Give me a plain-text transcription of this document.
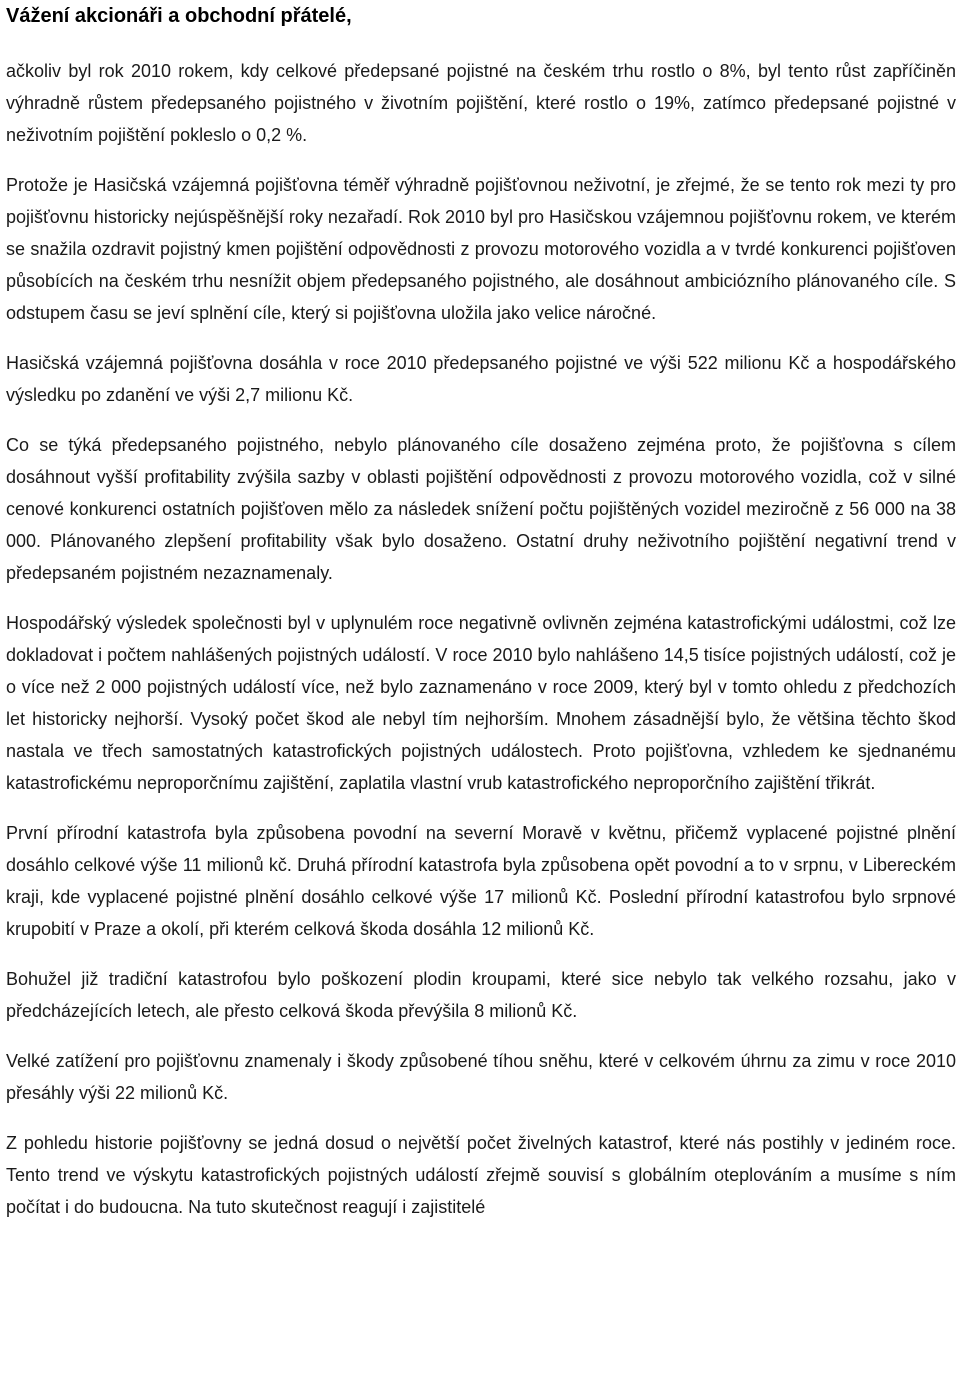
Vážení akcionáři a obchodní přátelé,

ačkoliv byl rok 2010 rokem, kdy celkové předepsané pojistné na českém trhu rostlo o 8%, byl tento růst zapříčiněn výhradně růstem předepsaného pojistného v životním pojištění, které rostlo o 19%, zatímco předepsané pojistné v neživotním pojištění pokleslo o 0,2 %.

Protože je Hasičská vzájemná pojišťovna téměř výhradně pojišťovnou neživotní, je zřejmé, že se tento rok mezi ty pro pojišťovnu historicky nejúspěšnější roky nezařadí. Rok 2010 byl pro Hasičskou vzájemnou pojišťovnu rokem, ve kterém se snažila ozdravit pojistný kmen pojištění odpovědnosti z provozu motorového vozidla a v tvrdé konkurenci pojišťoven působících na českém trhu nesnížit objem předepsaného pojistného, ale dosáhnout ambiciózního plánovaného cíle. S odstupem času se jeví splnění cíle, který si pojišťovna uložila jako velice náročné.

Hasičská vzájemná pojišťovna dosáhla v roce 2010 předepsaného pojistné ve výši 522 milionu Kč a hospodářského výsledku po zdanění ve výši 2,7 milionu Kč.

Co se týká předepsaného pojistného, nebylo plánovaného cíle dosaženo zejména proto, že pojišťovna s cílem dosáhnout vyšší profitability zvýšila sazby v oblasti pojištění odpovědnosti z provozu motorového vozidla, což v silné cenové konkurenci ostatních pojišťoven mělo za následek snížení počtu pojištěných vozidel meziročně z 56 000 na 38 000. Plánovaného zlepšení profitability však bylo dosaženo. Ostatní druhy neživotního pojištění negativní trend v předepsaném pojistném nezaznamenaly.

Hospodářský výsledek společnosti byl v uplynulém roce negativně ovlivněn zejména katastrofickými událostmi, což lze dokladovat i počtem nahlášených pojistných událostí. V roce 2010 bylo nahlášeno 14,5 tisíce pojistných událostí, což je o více než 2 000 pojistných událostí více, než bylo zaznamenáno v roce 2009, který byl v tomto ohledu z předchozích let historicky nejhorší. Vysoký počet škod ale nebyl tím nejhorším. Mnohem zásadnější bylo, že většina těchto škod nastala ve třech samostatných katastrofických pojistných událostech. Proto pojišťovna, vzhledem ke sjednanému katastrofickému neproporčnímu zajištění, zaplatila vlastní vrub katastrofického neproporčního zajištění třikrát.

První přírodní katastrofa byla způsobena povodní na severní Moravě v květnu, přičemž vyplacené pojistné plnění dosáhlo celkové výše 11 milionů kč. Druhá přírodní katastrofa byla způsobena opět povodní a to v srpnu, v Libereckém kraji, kde vyplacené pojistné plnění dosáhlo celkové výše 17 milionů Kč. Poslední přírodní katastrofou bylo srpnové krupobití v Praze a okolí, při kterém celková škoda dosáhla 12 milionů Kč.

Bohužel již tradiční katastrofou bylo poškození plodin kroupami, které sice nebylo tak velkého rozsahu, jako v předcházejících letech, ale přesto celková škoda převýšila 8 milionů Kč.

Velké zatížení pro pojišťovnu znamenaly i škody způsobené tíhou sněhu, které v celkovém úhrnu za zimu v roce 2010 přesáhly výši 22 milionů Kč.

Z pohledu historie pojišťovny se jedná dosud o největší počet živelných katastrof, které nás postihly v jediném roce. Tento trend ve výskytu katastrofických pojistných událostí zřejmě souvisí s globálním oteplováním a musíme s ním počítat i do budoucna. Na tuto skutečnost reagují i zajistitelé
